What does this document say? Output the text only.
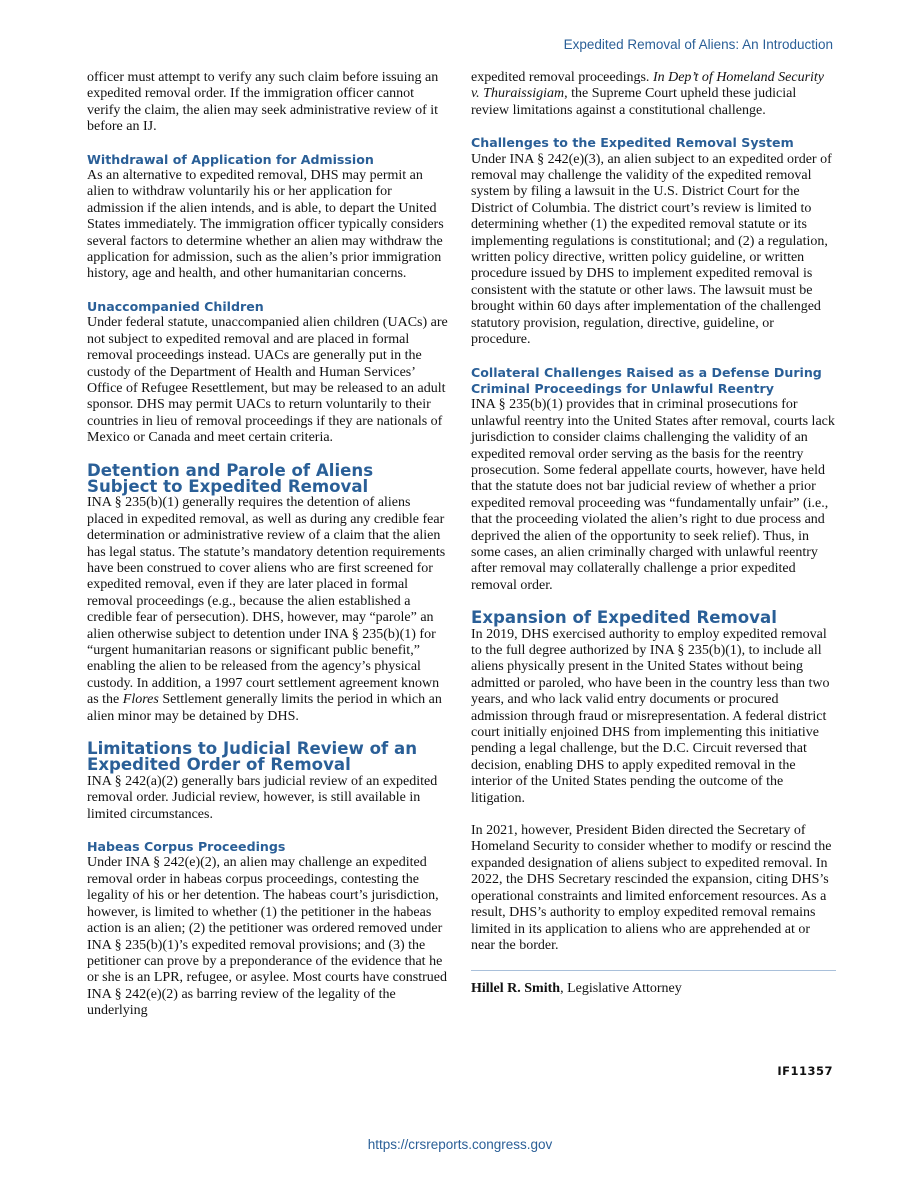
Expedited Removal of Aliens: An Introduction

officer must attempt to verify any such claim before issuing an expedited removal order. If the immigration officer cannot verify the claim, the alien may seek administrative review of it before an IJ.

Withdrawal of Application for Admission

As an alternative to expedited removal, DHS may permit an alien to withdraw voluntarily his or her application for admission if the alien intends, and is able, to depart the United States immediately. The immigration officer typically considers several factors to determine whether an alien may withdraw the application for admission, such as the alien’s prior immigration history, age and health, and other humanitarian concerns.

Unaccompanied Children

Under federal statute, unaccompanied alien children (UACs) are not subject to expedited removal and are placed in formal removal proceedings instead. UACs are generally put in the custody of the Department of Health and Human Services’ Office of Refugee Resettlement, but may be released to an adult sponsor. DHS may permit UACs to return voluntarily to their countries in lieu of removal proceedings if they are nationals of Mexico or Canada and meet certain criteria.

Detention and Parole of Aliens Subject to Expedited Removal

INA § 235(b)(1) generally requires the detention of aliens placed in expedited removal, as well as during any credible fear determination or administrative review of a claim that the alien has legal status. The statute’s mandatory detention requirements have been construed to cover aliens who are first screened for expedited removal, even if they are later placed in formal removal proceedings (e.g., because the alien established a credible fear of persecution). DHS, however, may “parole” an alien otherwise subject to detention under INA § 235(b)(1) for “urgent humanitarian reasons or significant public benefit,” enabling the alien to be released from the agency’s physical custody. In addition, a 1997 court settlement agreement known as the Flores Settlement generally limits the period in which an alien minor may be detained by DHS.

Limitations to Judicial Review of an Expedited Order of Removal

INA § 242(a)(2) generally bars judicial review of an expedited removal order. Judicial review, however, is still available in limited circumstances.

Habeas Corpus Proceedings

Under INA § 242(e)(2), an alien may challenge an expedited removal order in habeas corpus proceedings, contesting the legality of his or her detention. The habeas court’s jurisdiction, however, is limited to whether (1) the petitioner in the habeas action is an alien; (2) the petitioner was ordered removed under INA § 235(b)(1)’s expedited removal provisions; and (3) the petitioner can prove by a preponderance of the evidence that he or she is an LPR, refugee, or asylee. Most courts have construed INA § 242(e)(2) as barring review of the legality of the underlying

expedited removal proceedings. In Dep’t of Homeland Security v. Thuraissigiam, the Supreme Court upheld these judicial review limitations against a constitutional challenge.

Challenges to the Expedited Removal System

Under INA § 242(e)(3), an alien subject to an expedited order of removal may challenge the validity of the expedited removal system by filing a lawsuit in the U.S. District Court for the District of Columbia. The district court’s review is limited to determining whether (1) the expedited removal statute or its implementing regulations is constitutional; and (2) a regulation, written policy directive, written policy guideline, or written procedure issued by DHS to implement expedited removal is consistent with the statute or other laws. The lawsuit must be brought within 60 days after implementation of the challenged statutory provision, regulation, directive, guideline, or procedure.

Collateral Challenges Raised as a Defense During Criminal Proceedings for Unlawful Reentry

INA § 235(b)(1) provides that in criminal prosecutions for unlawful reentry into the United States after removal, courts lack jurisdiction to consider claims challenging the validity of an expedited removal order serving as the basis for the reentry prosecution. Some federal appellate courts, however, have held that the statute does not bar judicial review of whether a prior expedited removal proceeding was “fundamentally unfair” (i.e., that the proceeding violated the alien’s right to due process and deprived the alien of the opportunity to seek relief). Thus, in some cases, an alien criminally charged with unlawful reentry after removal may collaterally challenge a prior expedited removal order.

Expansion of Expedited Removal

In 2019, DHS exercised authority to employ expedited removal to the full degree authorized by INA § 235(b)(1), to include all aliens physically present in the United States without being admitted or paroled, who have been in the country less than two years, and who lack valid entry documents or procured admission through fraud or misrepresentation. A federal district court initially enjoined DHS from implementing this initiative pending a legal challenge, but the D.C. Circuit reversed that decision, enabling DHS to apply expedited removal in the interior of the United States pending the outcome of the litigation.

In 2021, however, President Biden directed the Secretary of Homeland Security to consider whether to modify or rescind the expanded designation of aliens subject to expedited removal. In 2022, the DHS Secretary rescinded the expansion, citing DHS’s operational constraints and limited enforcement resources. As a result, DHS’s authority to employ expedited removal remains limited in its application to aliens who are apprehended at or near the border.

Hillel R. Smith, Legislative Attorney
IF11357
https://crsreports.congress.gov
